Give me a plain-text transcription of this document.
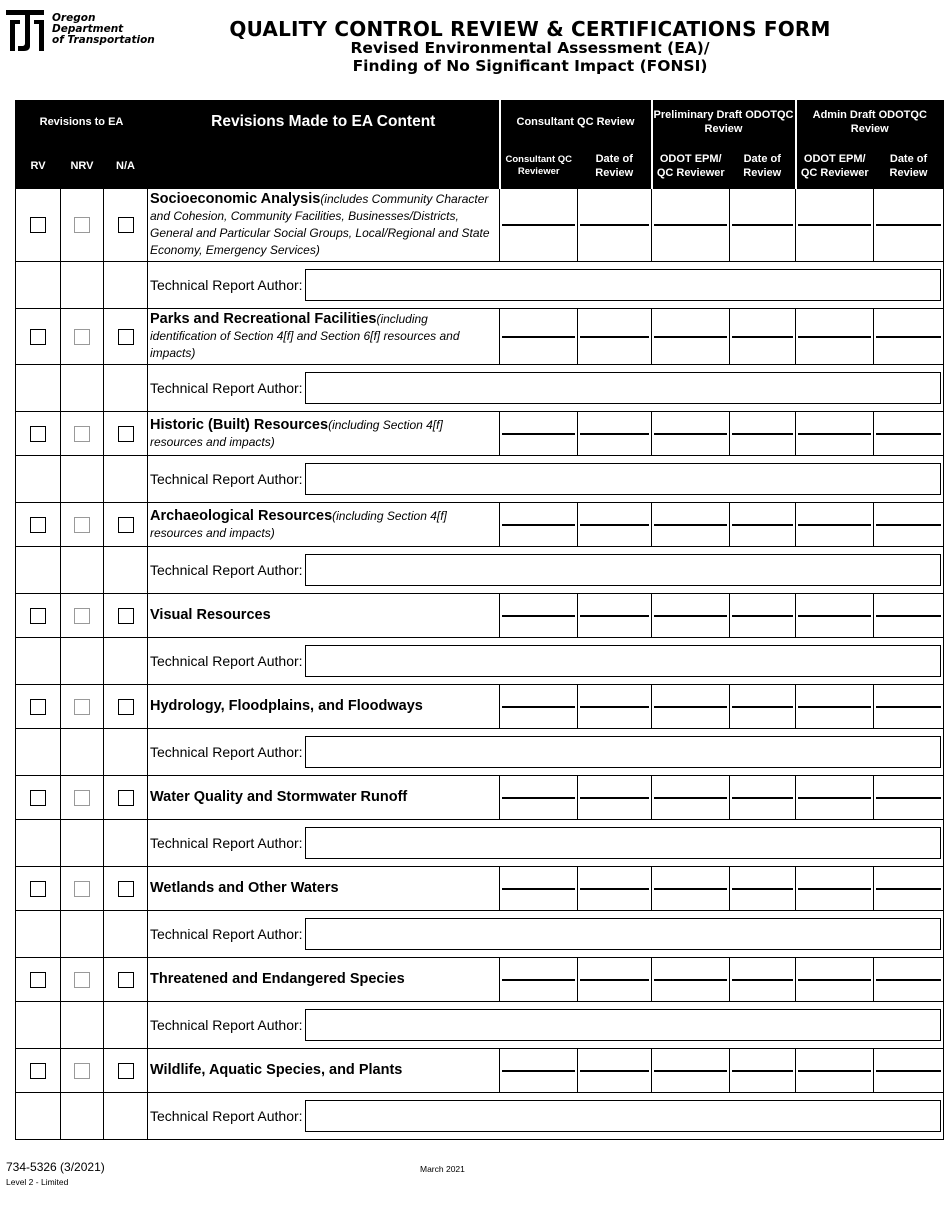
Oregon
Department
of Transportation	QUALITY CONTROL REVIEW & CERTIFICATIONS FORM
Revised Environmental Assessment (EA)/
Finding of No Significant Impact (FONSI)
Revisions to EA			Revisions Made to EA Content	Consultant QC Review		Preliminary Draft ODOTQC Review		Admin Draft ODOTQC Review	
RV	NRV	N/A		Consultant QC Reviewer	Date of Review	ODOT EPM/ QC Reviewer	Date of Review	ODOT EPM/ QC Reviewer	Date of Review

	Socioeconomic Analysis(includes Community Character and Cohesion, Community Facilities, Businesses/Districts, General and Particular Social Groups, Local/Regional and State Economy, Emergency Services)	

			Technical Report Author:						

	Parks and Recreational Facilities(including identification of Section 4[f] and Section 6[f] resources and impacts)	

			Technical Report Author:						

	Historic (Built) Resources(including Section 4[f] resources and impacts)	

			Technical Report Author:						

	Archaeological Resources(including Section 4[f] resources and impacts)	

			Technical Report Author:						

	Visual Resources	

			Technical Report Author:						

	Hydrology, Floodplains, and Floodways	

			Technical Report Author:						

	Water Quality and Stormwater Runoff	

			Technical Report Author:						

	Wetlands and Other Waters	

			Technical Report Author:						

	Threatened and Endangered Species	

			Technical Report Author:						

	Wildlife, Aquatic Species, and Plants	

			Technical Report Author:						
734-5326 (3/2021)
Level 2 - Limited
March 2021
